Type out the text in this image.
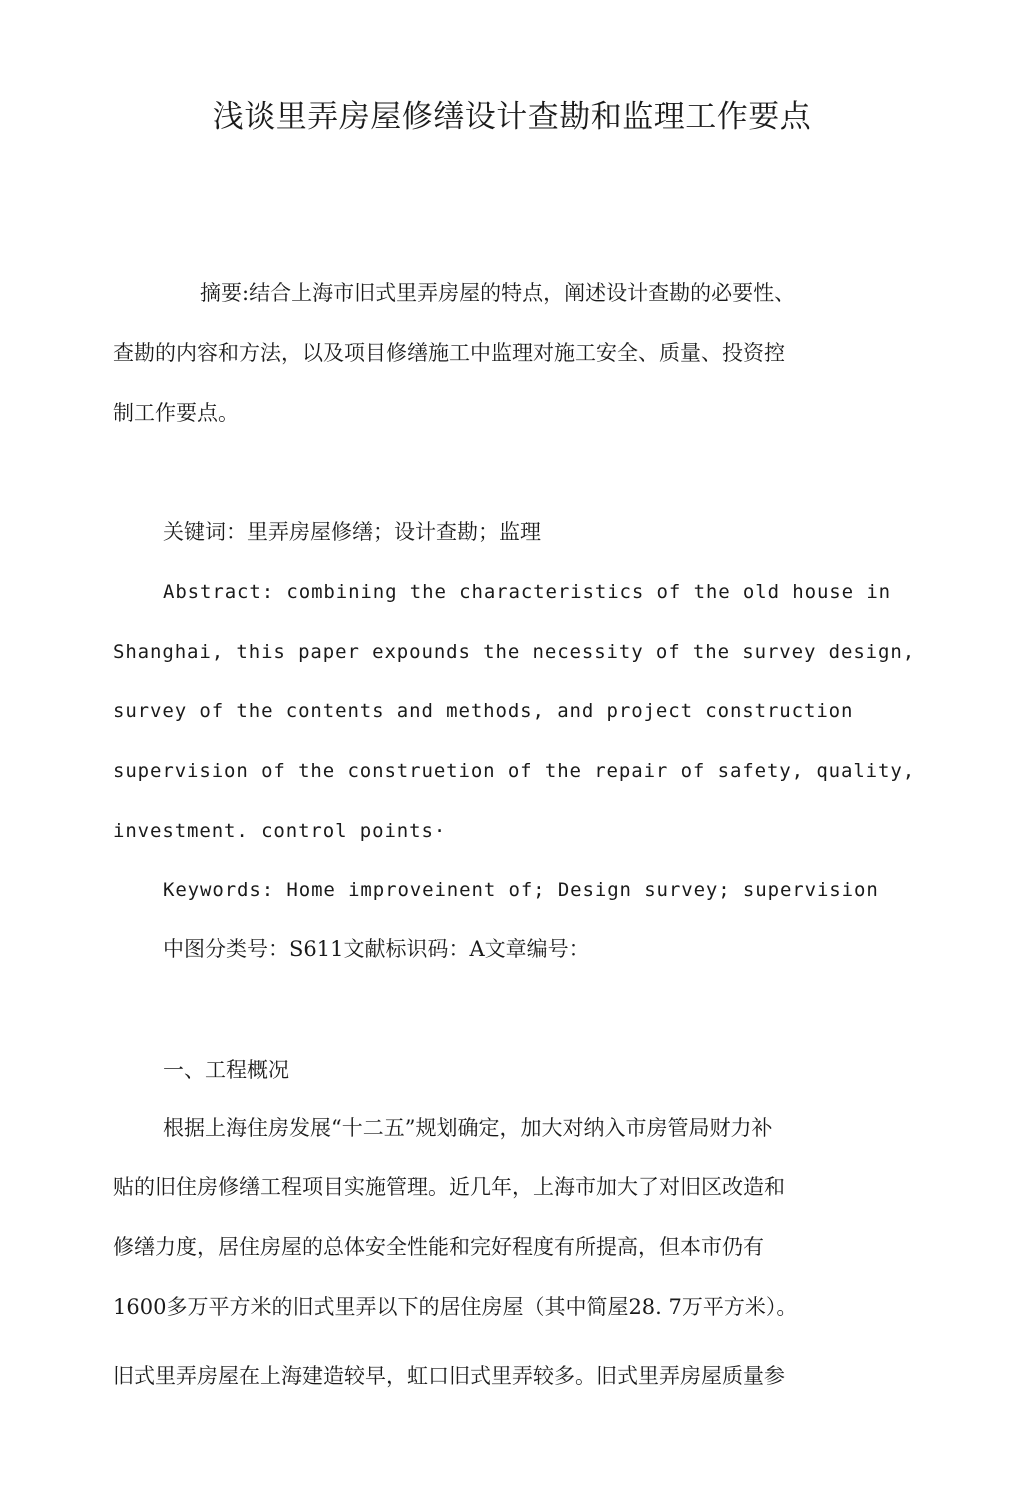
浅谈里弄房屋修缮设计查勘和监理工作要点
摘要:结合上海市旧式里弄房屋的特点，阐述设计查勘的必要性、
查勘的内容和方法，以及项目修缮施工中监理对施工安全、质量、投资控
制工作要点。
关键词：里弄房屋修缮；设计查勘；监理
Abstract: combining the characteristics of the old house in
Shanghai, this paper expounds the necessity of the survey design,
survey of the contents and methods, and project construction
supervision of the construetion of the repair of safety, quality,
investment. control points·
Keywords: Home improveinent of; Design survey; supervision
中图分类号：S611文献标识码：A文章编号：
一、工程概况
根据上海住房发展“十二五”规划确定，加大对纳入市房管局财力补
贴的旧住房修缮工程项目实施管理。近几年，上海市加大了对旧区改造和
修缮力度，居住房屋的总体安全性能和完好程度有所提高，但本市仍有
1600多万平方米的旧式里弄以下的居住房屋（其中简屋28. 7万平方米）。
旧式里弄房屋在上海建造较早，虹口旧式里弄较多。旧式里弄房屋质量参
